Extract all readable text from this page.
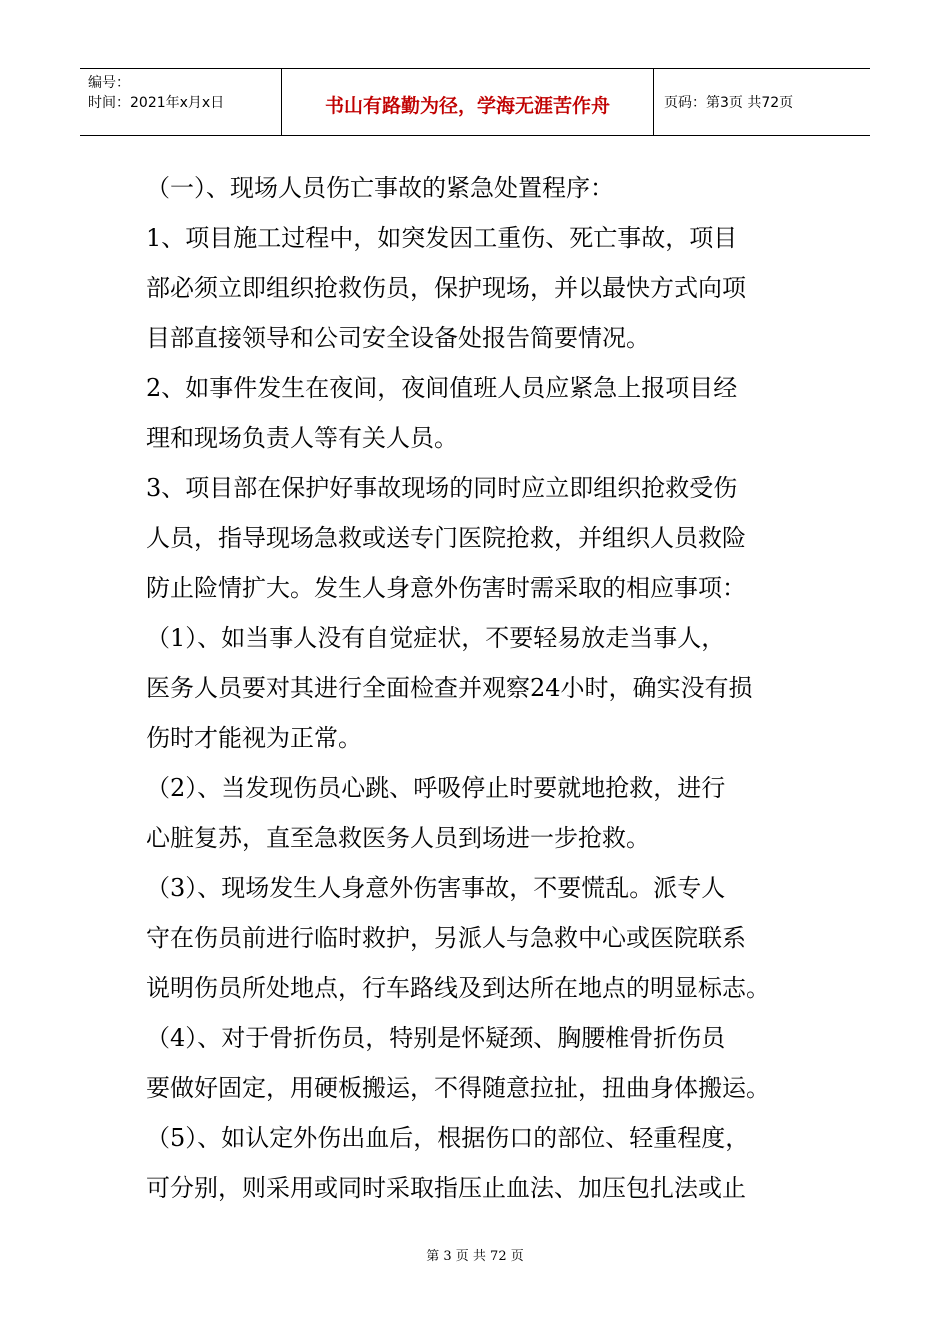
编号：
时间：2021年x月x日	书山有路勤为径，学海无涯苦作舟	页码：第3页 共72页

（一）、现场人员伤亡事故的紧急处置程序：

1、项目施工过程中，如突发因工重伤、死亡事故，项目

部必须立即组织抢救伤员，保护现场，并以最快方式向项

目部直接领导和公司安全设备处报告简要情况。

2、如事件发生在夜间，夜间值班人员应紧急上报项目经

理和现场负责人等有关人员。

3、项目部在保护好事故现场的同时应立即组织抢救受伤

人员，指导现场急救或送专门医院抢救，并组织人员救险

防止险情扩大。发生人身意外伤害时需采取的相应事项：

（1）、如当事人没有自觉症状，不要轻易放走当事人，

医务人员要对其进行全面检查并观察24小时，确实没有损

伤时才能视为正常。

（2）、当发现伤员心跳、呼吸停止时要就地抢救，进行

心脏复苏，直至急救医务人员到场进一步抢救。

（3）、现场发生人身意外伤害事故，不要慌乱。派专人

守在伤员前进行临时救护，另派人与急救中心或医院联系

说明伤员所处地点，行车路线及到达所在地点的明显标志。

（4）、对于骨折伤员，特别是怀疑颈、胸腰椎骨折伤员

要做好固定，用硬板搬运，不得随意拉扯，扭曲身体搬运。

（5）、如认定外伤出血后，根据伤口的部位、轻重程度，

可分别，则采用或同时采取指压止血法、加压包扎法或止

第 3 页 共 72 页
